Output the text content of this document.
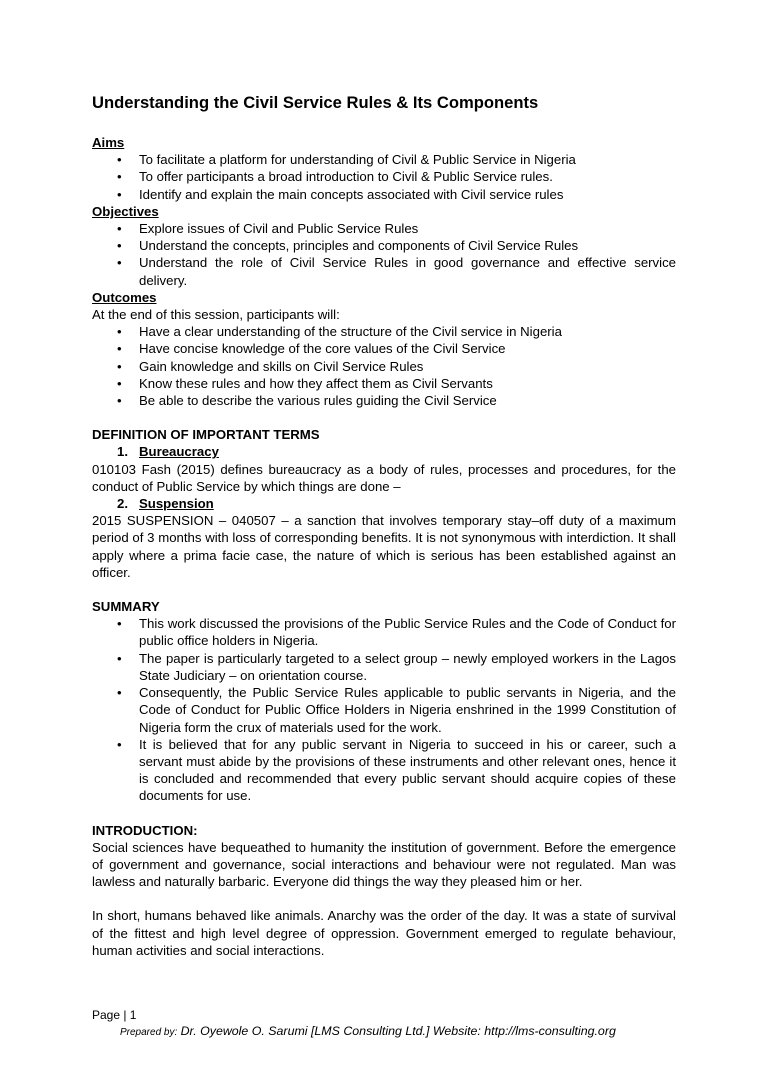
Understanding the Civil Service Rules & Its Components
Aims
• To facilitate a platform for understanding of Civil & Public Service in Nigeria
• To offer participants a broad introduction to Civil & Public Service rules.
• Identify and explain the main concepts associated with Civil service rules
Objectives
• Explore issues of Civil and Public Service Rules
• Understand the concepts, principles and components of Civil Service Rules
• Understand the role of Civil Service Rules in good governance and effective service delivery.
Outcomes

At the end of this session, participants will:

• Have a clear understanding of the structure of the Civil service in Nigeria
• Have concise knowledge of the core values of the Civil Service
• Gain knowledge and skills on Civil Service Rules
• Know these rules and how they affect them as Civil Servants
• Be able to describe the various rules guiding the Civil Service
DEFINITION OF IMPORTANT TERMS
1. Bureaucracy

010103 Fash (2015) defines bureaucracy as a body of rules, processes and procedures, for the conduct of Public Service by which things are done –

2. Suspension

2015 SUSPENSION – 040507 – a sanction that involves temporary stay–off duty of a maximum period of 3 months with loss of corresponding benefits. It is not synonymous with interdiction. It shall apply where a prima facie case, the nature of which is serious has been established against an officer.

SUMMARY
• This work discussed the provisions of the Public Service Rules and the Code of Conduct for public office holders in Nigeria.
• The paper is particularly targeted to a select group – newly employed workers in the Lagos State Judiciary – on orientation course.
• Consequently, the Public Service Rules applicable to public servants in Nigeria, and the Code of Conduct for Public Office Holders in Nigeria enshrined in the 1999 Constitution of Nigeria form the crux of materials used for the work.
• It is believed that for any public servant in Nigeria to succeed in his or career, such a servant must abide by the provisions of these instruments and other relevant ones, hence it is concluded and recommended that every public servant should acquire copies of these documents for use.
INTRODUCTION:

Social sciences have bequeathed to humanity the institution of government. Before the emergence of government and governance, social interactions and behaviour were not regulated. Man was lawless and naturally barbaric. Everyone did things the way they pleased him or her.

In short, humans behaved like animals. Anarchy was the order of the day. It was a state of survival of the fittest and high level degree of oppression. Government emerged to regulate behaviour, human activities and social interactions.

Page | 1
Prepared by: Dr. Oyewole O. Sarumi [LMS Consulting Ltd.] Website: http://lms-consulting.org
